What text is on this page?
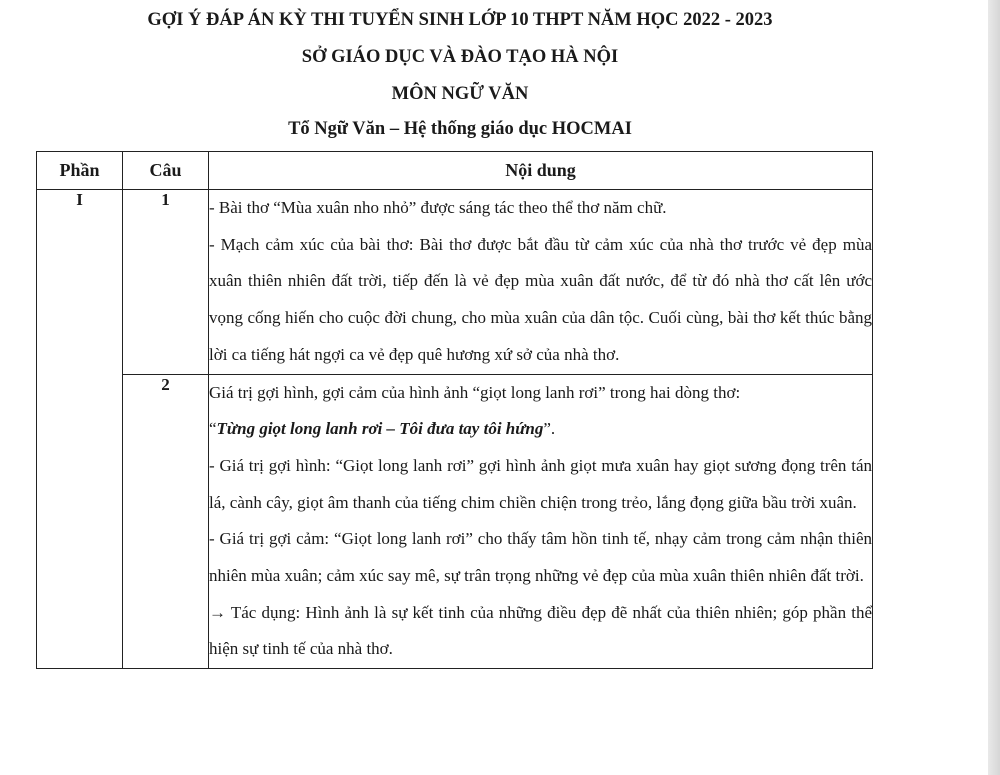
GỢI Ý ĐÁP ÁN KỲ THI TUYỂN SINH LỚP 10 THPT NĂM HỌC 2022 - 2023
SỞ GIÁO DỤC VÀ ĐÀO TẠO HÀ NỘI
MÔN NGỮ VĂN
Tổ Ngữ Văn – Hệ thống giáo dục HOCMAI
Phần	Câu	Nội dung
I	1	- Bài thơ “Mùa xuân nho nhỏ” được sáng tác theo thể thơ năm chữ.
- Mạch cảm xúc của bài thơ: Bài thơ được bắt đầu từ cảm xúc của nhà thơ trước vẻ đẹp mùa xuân thiên nhiên đất trời, tiếp đến là vẻ đẹp mùa xuân đất nước, để từ đó nhà thơ cất lên ước vọng cống hiến cho cuộc đời chung, cho mùa xuân của dân tộc. Cuối cùng, bài thơ kết thúc bằng lời ca tiếng hát ngợi ca vẻ đẹp quê hương xứ sở của nhà thơ.

	2	Giá trị gợi hình, gợi cảm của hình ảnh “giọt long lanh rơi” trong hai dòng thơ:
“Từng giọt long lanh rơi – Tôi đưa tay tôi hứng”.
- Giá trị gợi hình: “Giọt long lanh rơi” gợi hình ảnh giọt mưa xuân hay giọt sương đọng trên tán lá, cành cây, giọt âm thanh của tiếng chim chiền chiện trong trẻo, lắng đọng giữa bầu trời xuân.
- Giá trị gợi cảm: “Giọt long lanh rơi” cho thấy tâm hồn tinh tế, nhạy cảm trong cảm nhận thiên nhiên mùa xuân; cảm xúc say mê, sự trân trọng những vẻ đẹp của mùa xuân thiên nhiên đất trời.
→ Tác dụng: Hình ảnh là sự kết tinh của những điều đẹp đẽ nhất của thiên nhiên; góp phần thể hiện sự tinh tế của nhà thơ.
